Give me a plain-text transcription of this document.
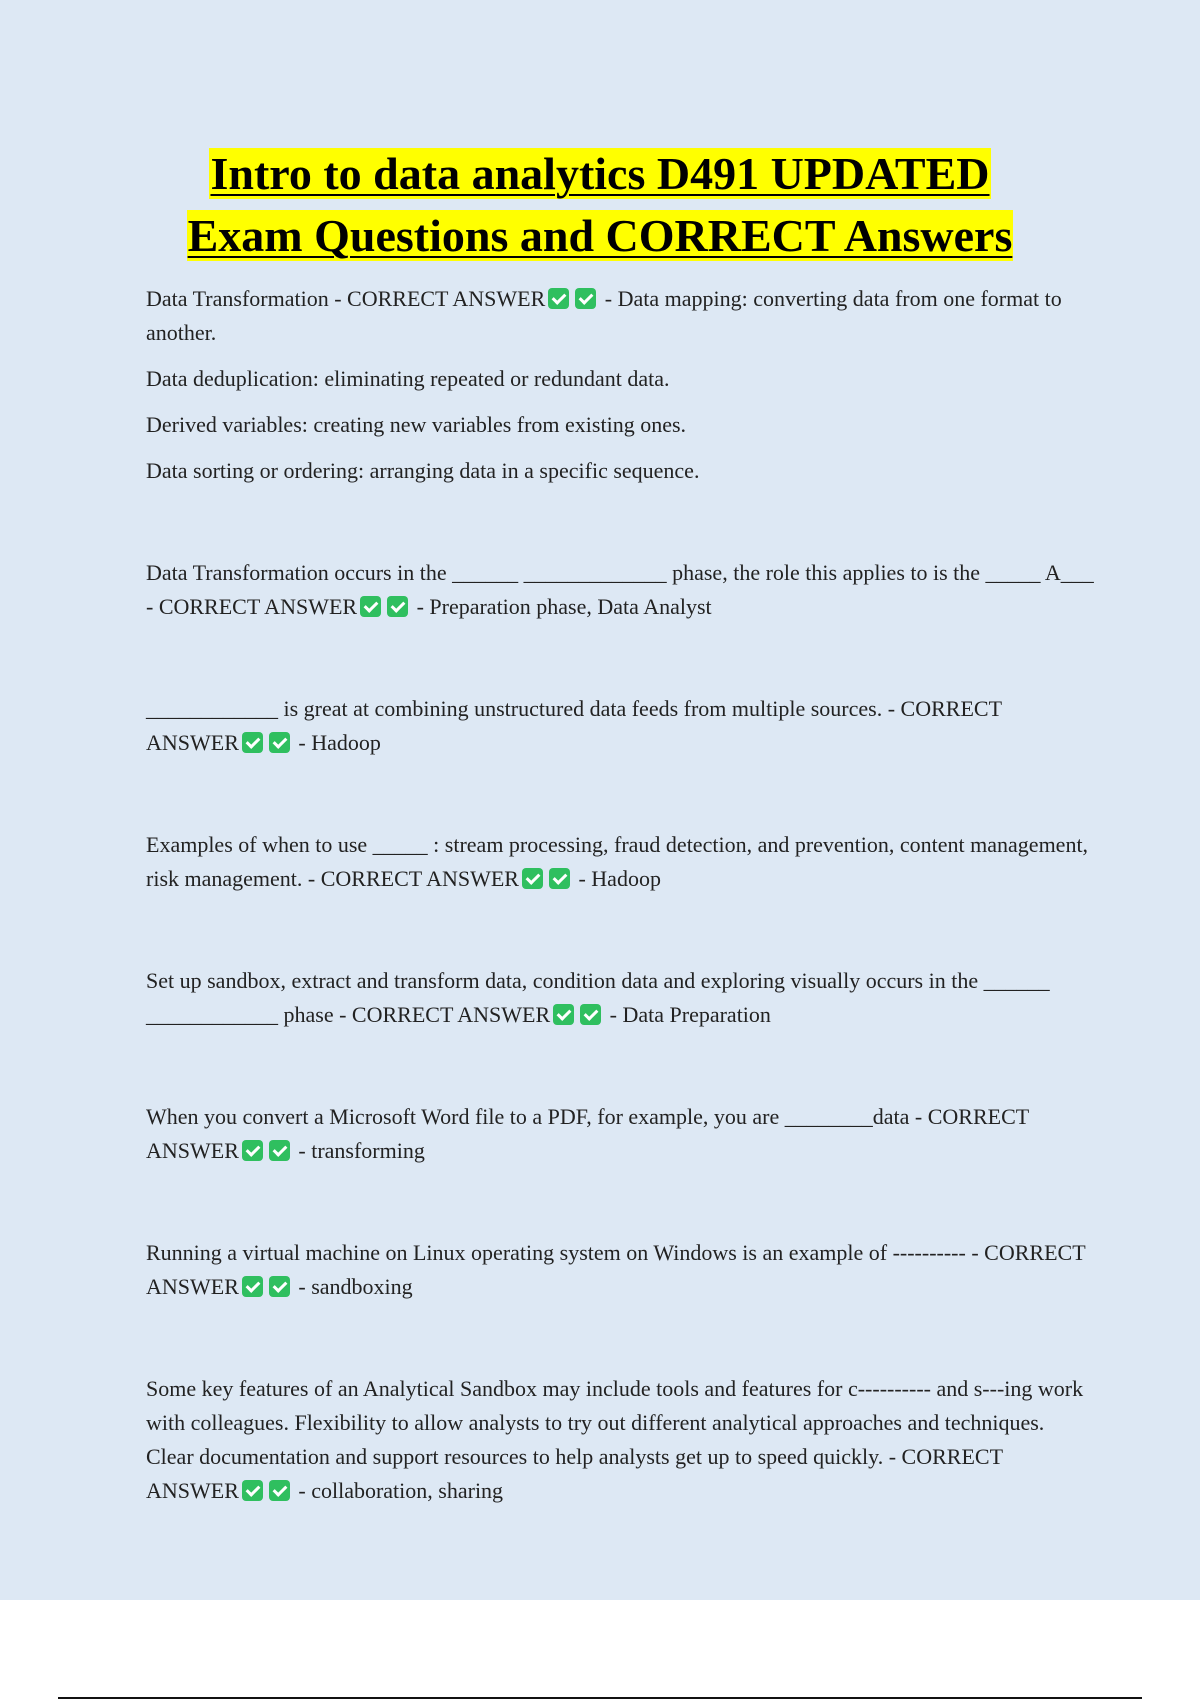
Intro to data analytics D491 UPDATED
Exam Questions and CORRECT Answers

Data Transformation - CORRECT ANSWER	- Data mapping: converting data from one format to another.

Data deduplication: eliminating repeated or redundant data.

Derived variables: creating new variables from existing ones.

Data sorting or ordering: arranging data in a specific sequence.

Data Transformation occurs in the ______ _____________ phase, the role this applies to is the _____ A___ - CORRECT ANSWER	- Preparation phase, Data Analyst

____________ is great at combining unstructured data feeds from multiple sources. - CORRECT ANSWER	- Hadoop

Examples of when to use _____ : stream processing, fraud detection, and prevention, content management, risk management. - CORRECT ANSWER	- Hadoop

Set up sandbox, extract and transform data, condition data and exploring visually occurs in the ______ ____________ phase - CORRECT ANSWER	- Data Preparation

When you convert a Microsoft Word file to a PDF, for example, you are ________data - CORRECT ANSWER	- transforming

Running a virtual machine on Linux operating system on Windows is an example of ---------- - CORRECT ANSWER	- sandboxing

Some key features of an Analytical Sandbox may include tools and features for c---------- and s---ing work with colleagues. Flexibility to allow analysts to try out different analytical approaches and techniques. Clear documentation and support resources to help analysts get up to speed quickly. - CORRECT ANSWER	- collaboration, sharing
